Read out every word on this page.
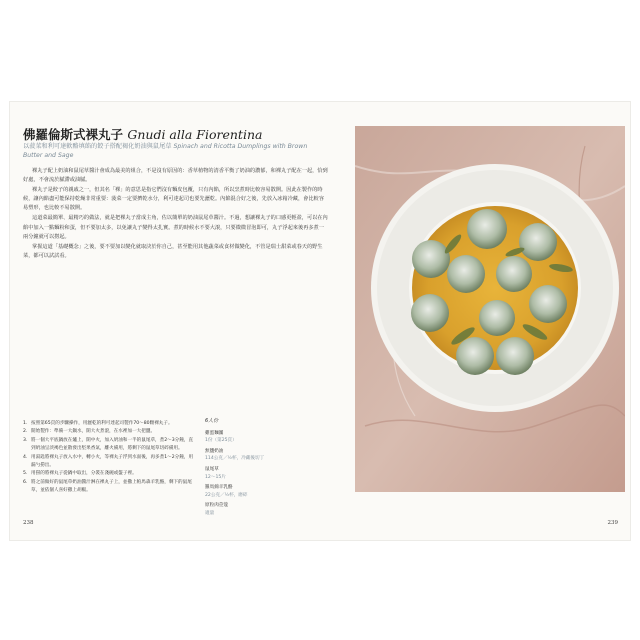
佛羅倫斯式裸丸子 Gnudi alla Fiorentina
以菠菜和利可達軟酪填餡的餃子搭配褐化奶油與鼠尾草 Spinach and Ricotta Dumplings with Brown Butter and Sage

裸丸子配上奶油和鼠尾草醬汁會成為最美的組合，不是沒有原因的：香草植物的清香平衡了奶油的濃郁，和裸丸子配在一起，恰到好處，不會流於膩滯或油膩。

裸丸子是餃子的親戚之一，但其名「裸」的意思是指它們沒有麵皮包覆，只有內餡，所以烹煮時比較容易散開。因此在製作的時候，讓內餡盡可能保持乾燥非常重要：菠菜一定要擠乾水分，利可達起司也要先瀝乾。內餡混合好之後，先放入冰箱冷藏，會比較容易塑形，也比較不易散開。

這道菜最簡單、最精巧的做法，就是把裸丸子當成主角，佐以簡單的奶油鼠尾草醬汁。不過，想讓裸丸子的口感更輕盈，可以在內餡中加入一點麵粉和蛋，但不要加太多，以免讓丸子變得太扎實。煮的時候水不要大滾，只要微微冒泡即可，丸子浮起來後再多煮一兩分鐘就可以撈起。

掌握這道「基礎概念」之後，要不要加以變化就取決於你自己，甚至能用其他蔬菜或食材做變化，不管是瑞士甜菜或春天的野生菜，都可以試試看。

1. 按照第65頁的步驟操作，用瀝乾的利可達起司製作70～80顆裸丸子。
2. 開始製作：準備一大鍋水，開大火煮滾，在水裡加一大把鹽。
3. 將一個大平底鍋放在爐上，開中火，加入奶油和一半的鼠尾草，煮2～3分鐘，直到奶油呈淡褐色並散發出堅果香氣，離火備用，將剩下的鼠尾草切碎備用。
4. 用湯匙將裸丸子放入水中，轉小火，等裸丸子浮到水面後，再多煮1～2分鐘，用漏勺撈出。
5. 用撈的將裸丸子從鍋中取出，分裝在淺碗或盤子裡。
6. 將之前做好的鼠尾草奶油醬汁淋在裸丸子上，並撒上帕馬森羊乳酪，剩下的鼠尾草，並依個人喜好撒上胡椒。
6人份
雞蛋麵團
1份（第25頁）
無鹽奶油
114公克／½杯，冷藏後切丁
鼠尾草
12～15片
羅馬綿羊乳酪
22公克／½杯，磨碎
原粒肉荳蔻
適量
238	239
